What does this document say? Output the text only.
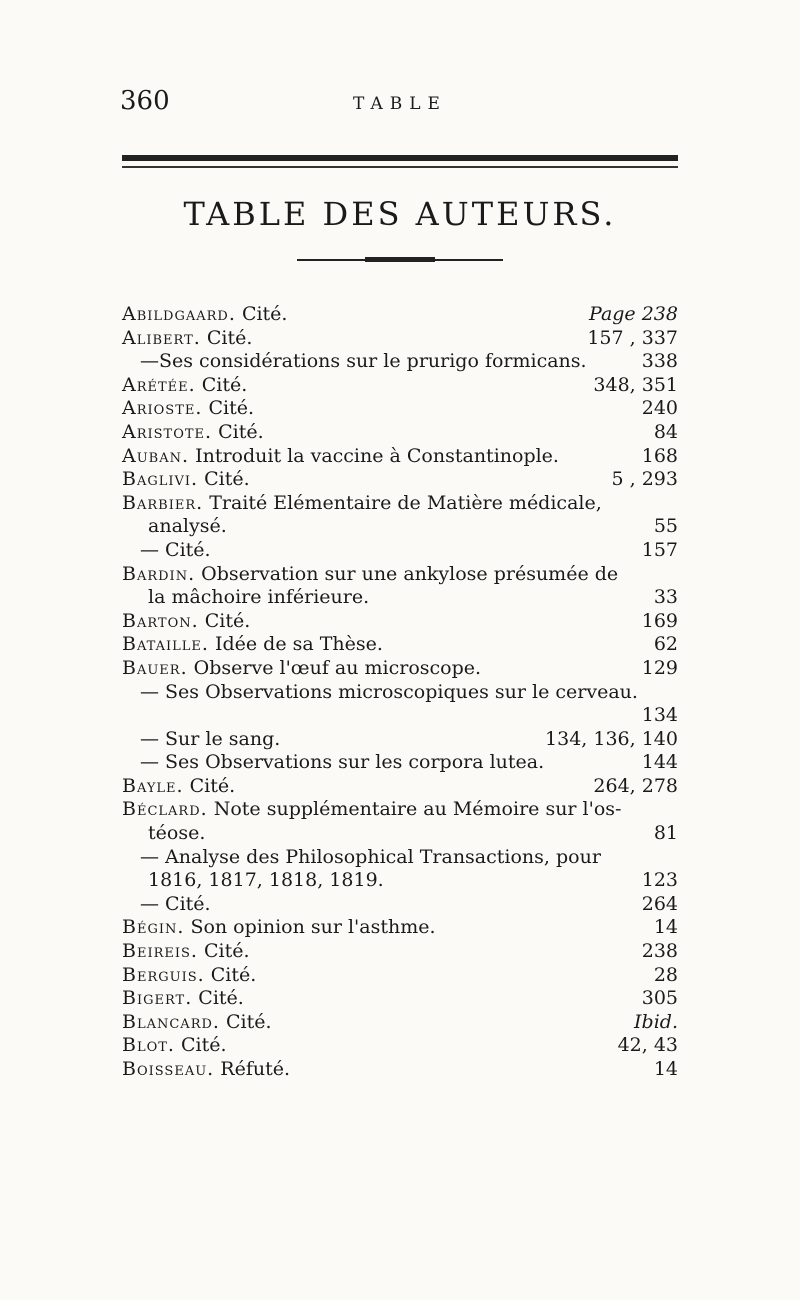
360	TABLE
TABLE DES AUTEURS.
Abildgaard. Cité.	Page 238
Alibert. Cité.	157 , 337
—Ses considérations sur le prurigo formicans.	338
Arétée. Cité.	348, 351
Arioste. Cité.	240
Aristote. Cité.	84
Auban. Introduit la vaccine à Constantinople.	168
Baglivi. Cité.	5 , 293
Barbier. Traité Elémentaire de Matière médicale,
analysé.	55
— Cité.	157
Bardin. Observation sur une ankylose présumée de
la mâchoire inférieure.	33
Barton. Cité.	169
Bataille. Idée de sa Thèse.	62
Bauer. Observe l'œuf au microscope.	129
— Ses Observations microscopiques sur le cerveau.
134
— Sur le sang.	134, 136, 140
— Ses Observations sur les corpora lutea.	144
Bayle. Cité.	264, 278
Béclard. Note supplémentaire au Mémoire sur l'os-
téose.	81
— Analyse des Philosophical Transactions, pour
1816, 1817, 1818, 1819.	123
— Cité.	264
Bégin. Son opinion sur l'asthme.	14
Beireis. Cité.	238
Berguis. Cité.	28
Bigert. Cité.	305
Blancard. Cité.	Ibid.
Blot. Cité.	42, 43
Boisseau. Réfuté.	14
